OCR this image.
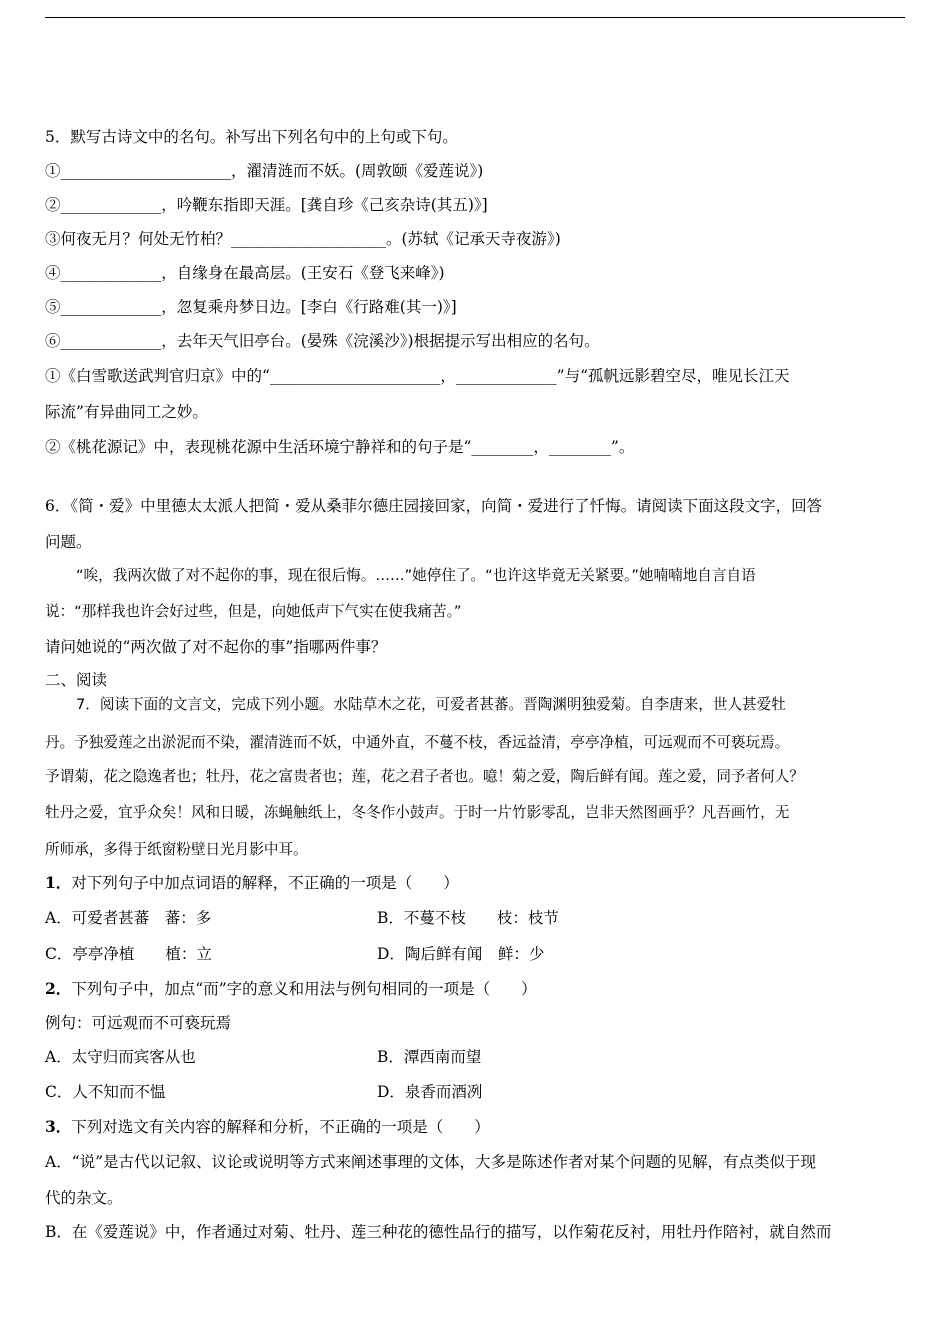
5．默写古诗文中的名句。补写出下列名句中的上句或下句。
①______________________，濯清涟而不妖。(周敦颐《爱莲说》)
②_____________，吟鞭东指即天涯。[龚自珍《己亥杂诗(其五)》]
③何夜无月？何处无竹柏？____________________。(苏轼《记承天寺夜游》)
④_____________，自缘身在最高层。(王安石《登飞来峰》)
⑤_____________，忽复乘舟梦日边。[李白《行路难(其一)》]
⑥_____________，去年天气旧亭台。(晏殊《浣溪沙》)根据提示写出相应的名句。
①《白雪歌送武判官归京》中的“______________________，_____________”与“孤帆远影碧空尽，唯见长江天
际流”有异曲同工之妙。
②《桃花源记》中，表现桃花源中生活环境宁静祥和的句子是“________，________”。
6．《简・爱》中里德太太派人把简・爱从桑菲尔德庄园接回家，向简・爱进行了忏悔。请阅读下面这段文字，回答
问题。
“唉，我两次做了对不起你的事，现在很后悔。……”她停住了。“也许这毕竟无关紧要。”她喃喃地自言自语
说：“那样我也许会好过些，但是，向她低声下气实在使我痛苦。”
请问她说的“两次做了对不起你的事”指哪两件事？
二、阅读
7．阅读下面的文言文，完成下列小题。水陆草木之花，可爱者甚蕃。晋陶渊明独爱菊。自李唐来，世人甚爱牡
丹。予独爱莲之出淤泥而不染，濯清涟而不妖，中通外直，不蔓不枝，香远益清，亭亭净植，可远观而不可亵玩焉。
予谓菊，花之隐逸者也；牡丹，花之富贵者也；莲，花之君子者也。噫！菊之爱，陶后鲜有闻。莲之爱，同予者何人？
牡丹之爱，宜乎众矣！风和日暖，冻蝇触纸上，冬冬作小鼓声。于时一片竹影零乱，岂非天然图画乎？凡吾画竹，无
所师承，多得于纸窗粉壁日光月影中耳。
1．对下列句子中加点词语的解释，不正确的一项是（　　）
A．可爱者甚蕃　蕃：多	B．不蔓不枝　　枝：枝节
C．亭亭净植　　植：立	D．陶后鲜有闻　鲜：少
2．下列句子中，加点“而”字的意义和用法与例句相同的一项是（　　）
例句：可远观而不可亵玩焉
A．太守归而宾客从也	B．潭西南而望
C．人不知而不愠	D．泉香而酒冽
3．下列对选文有关内容的解释和分析，不正确的一项是（　　）
A．“说”是古代以记叙、议论或说明等方式来阐述事理的文体，大多是陈述作者对某个问题的见解，有点类似于现
代的杂文。
B．在《爱莲说》中，作者通过对菊、牡丹、莲三种花的德性品行的描写，以作菊花反衬，用牡丹作陪衬，就自然而
